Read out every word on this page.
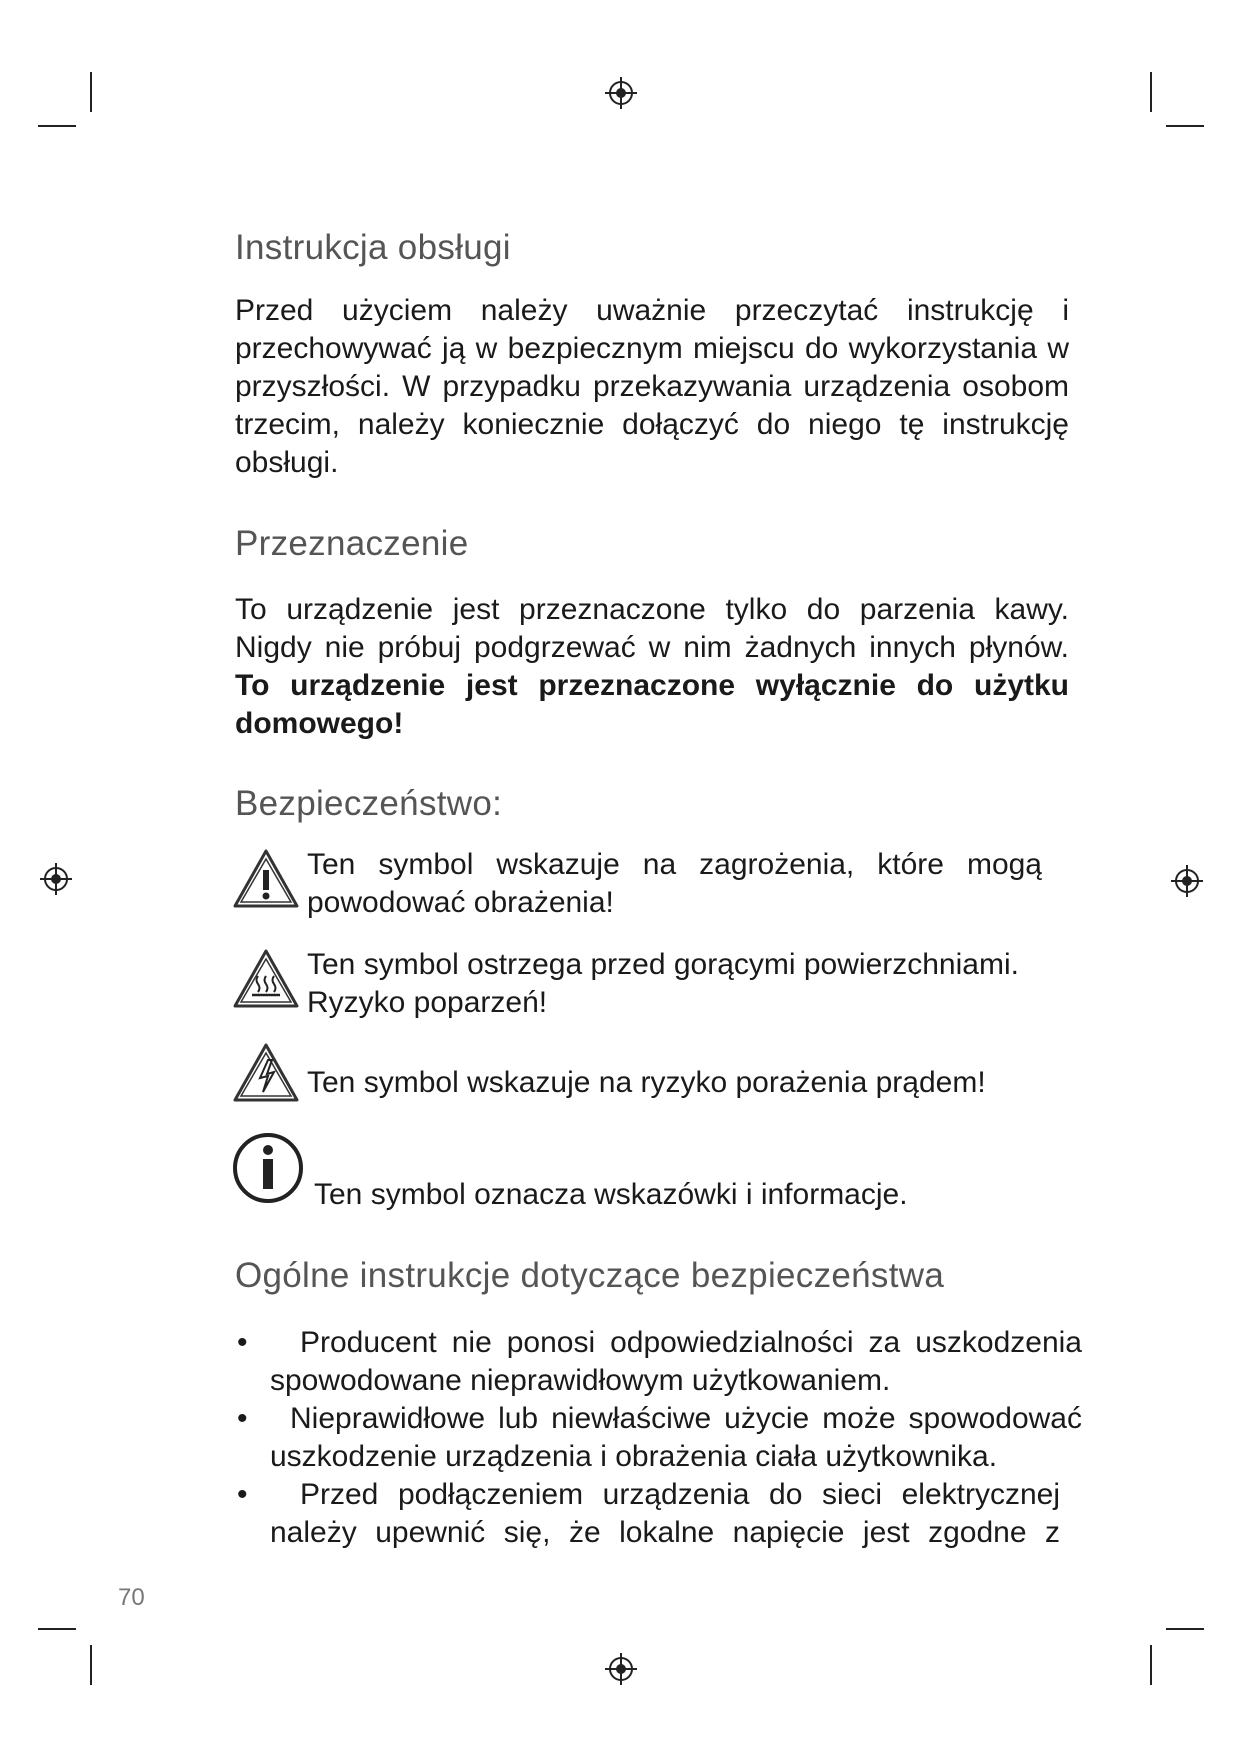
Instrukcja obsługi

Przed użyciem należy uważnie przeczytać instrukcję i przechowywać ją w bezpiecznym miejscu do wykorzystania w przyszłości. W przypadku przekazywania urządzenia osobom trzecim, należy koniecznie dołączyć do niego tę instrukcję obsługi.

Przeznaczenie
To urządzenie jest przeznaczone tylko do parzenia kawy. Nigdy nie próbuj podgrzewać w nim żadnych innych płynów. To urządzenie jest przeznaczone wyłącznie do użytku domowego!
Bezpieczeństwo:

Ten symbol wskazuje na zagrożenia, które mogą powodować obrażenia!

Ten symbol ostrzega przed gorącymi powierzchniami. Ryzyko poparzeń!

Ten symbol wskazuje na ryzyko porażenia prądem!

Ten symbol oznacza wskazówki i informacje.

Ogólne instrukcje dotyczące bezpieczeństwa
•	Producent nie ponosi odpowiedzialności za uszkodzenia spowodowane nieprawidłowym użytkowaniem.
•	Nieprawidłowe lub niewłaściwe użycie może spowodować uszkodzenie urządzenia i obrażenia ciała użytkownika.
•	Przed podłączeniem urządzenia do sieci elektrycznej należy upewnić się, że lokalne napięcie jest zgodne z
70
